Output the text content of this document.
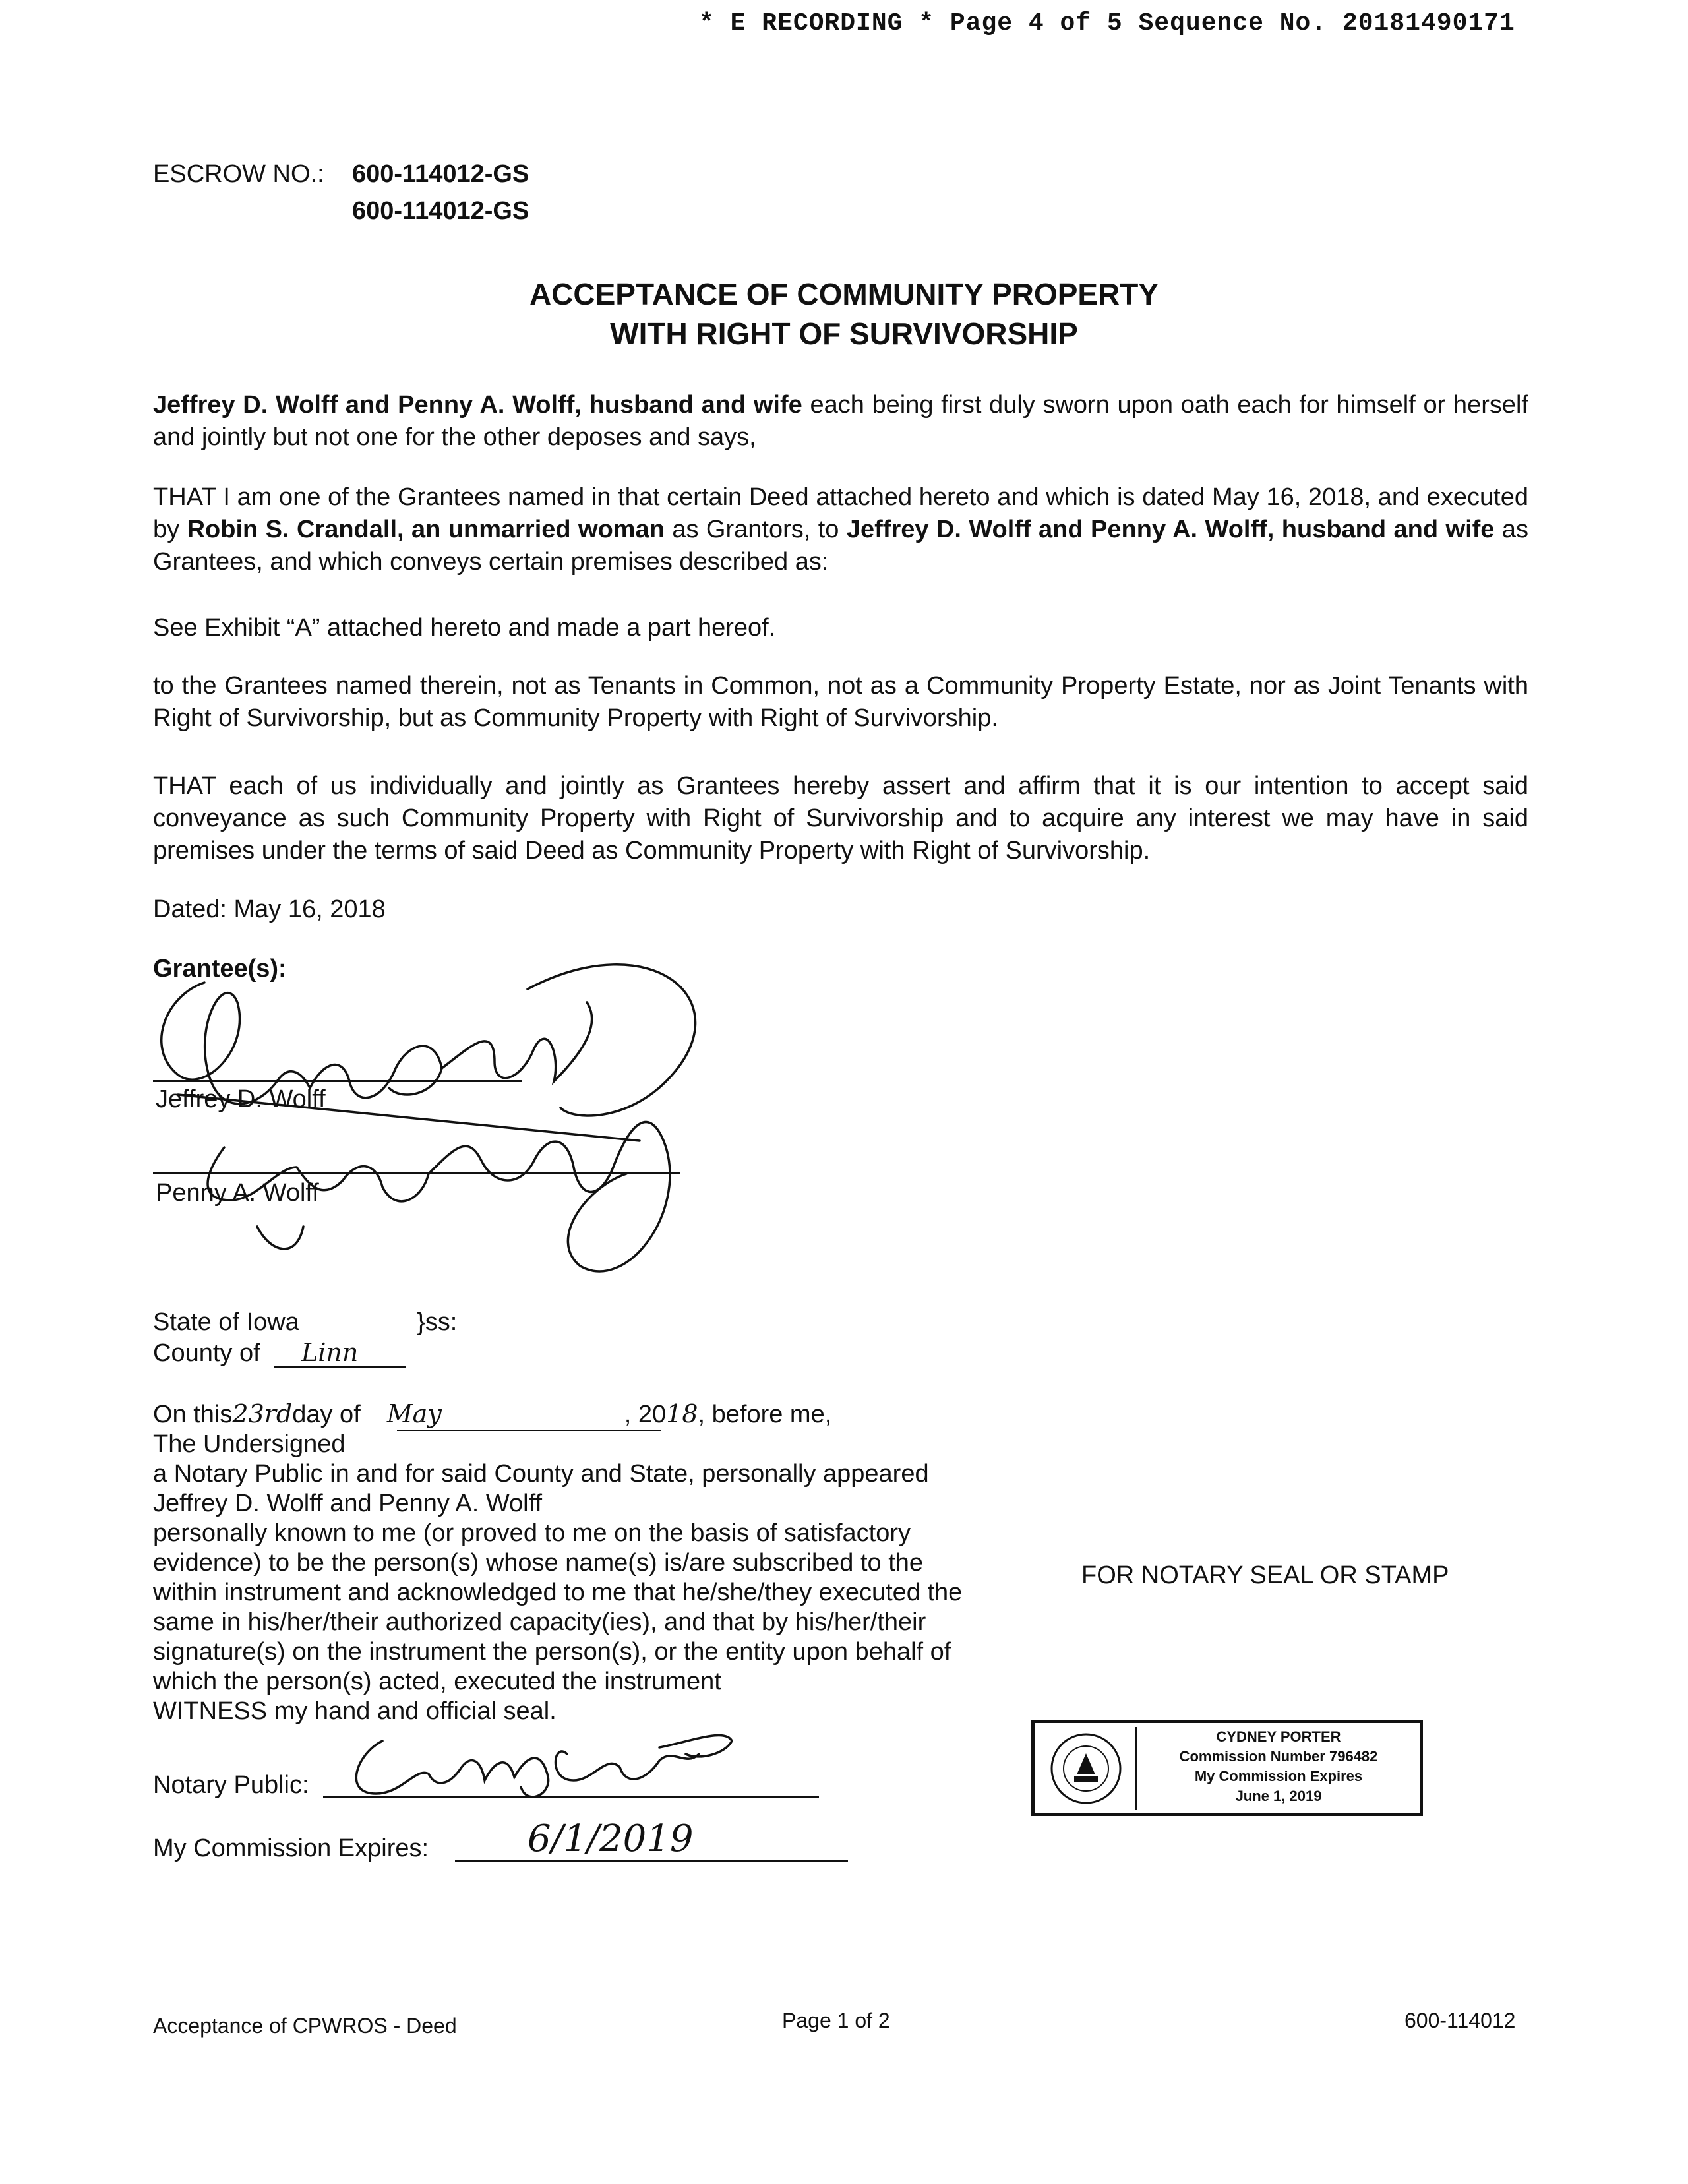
* E RECORDING * Page 4 of 5 Sequence No. 20181490171
ESCROW NO.: 600-114012-GS
600-114012-GS
ACCEPTANCE OF COMMUNITY PROPERTY
WITH RIGHT OF SURVIVORSHIP
Jeffrey D. Wolff and Penny A. Wolff, husband and wife each being first duly sworn upon oath each for himself or herself and jointly but not one for the other deposes and says,
THAT I am one of the Grantees named in that certain Deed attached hereto and which is dated May 16, 2018, and executed by Robin S. Crandall, an unmarried woman as Grantors, to Jeffrey D. Wolff and Penny A. Wolff, husband and wife as Grantees, and which conveys certain premises described as:
See Exhibit “A” attached hereto and made a part hereof.
to the Grantees named therein, not as Tenants in Common, not as a Community Property Estate, nor as Joint Tenants with Right of Survivorship, but as Community Property with Right of Survivorship.
THAT each of us individually and jointly as Grantees hereby assert and affirm that it is our intention to accept said conveyance as such Community Property with Right of Survivorship and to acquire any interest we may have in said premises under the terms of said Deed as Community Property with Right of Survivorship.
Dated: May 16, 2018
Grantee(s):
Jeffrey D. Wolff
Penny A. Wolff
State of Iowa	}ss:
County of Linn
On this23rdday of May	, 2018, before me,
The Undersigned
a Notary Public in and for said County and State, personally appeared
Jeffrey D. Wolff and Penny A. Wolff
personally known to me (or proved to me on the basis of satisfactory
evidence) to be the person(s) whose name(s) is/are subscribed to the
within instrument and acknowledged to me that he/she/they executed the
same in his/her/their authorized capacity(ies), and that by his/her/their
signature(s) on the instrument the person(s), or the entity upon behalf of
which the person(s) acted, executed the instrument
WITNESS my hand and official seal.
FOR NOTARY SEAL OR STAMP
CYDNEY PORTER
Commission Number 796482
My Commission Expires
June 1, 2019
Notary Public:
My Commission Expires:	6/1/2019
Acceptance of CPWROS - Deed	Page 1 of 2	600-114012
